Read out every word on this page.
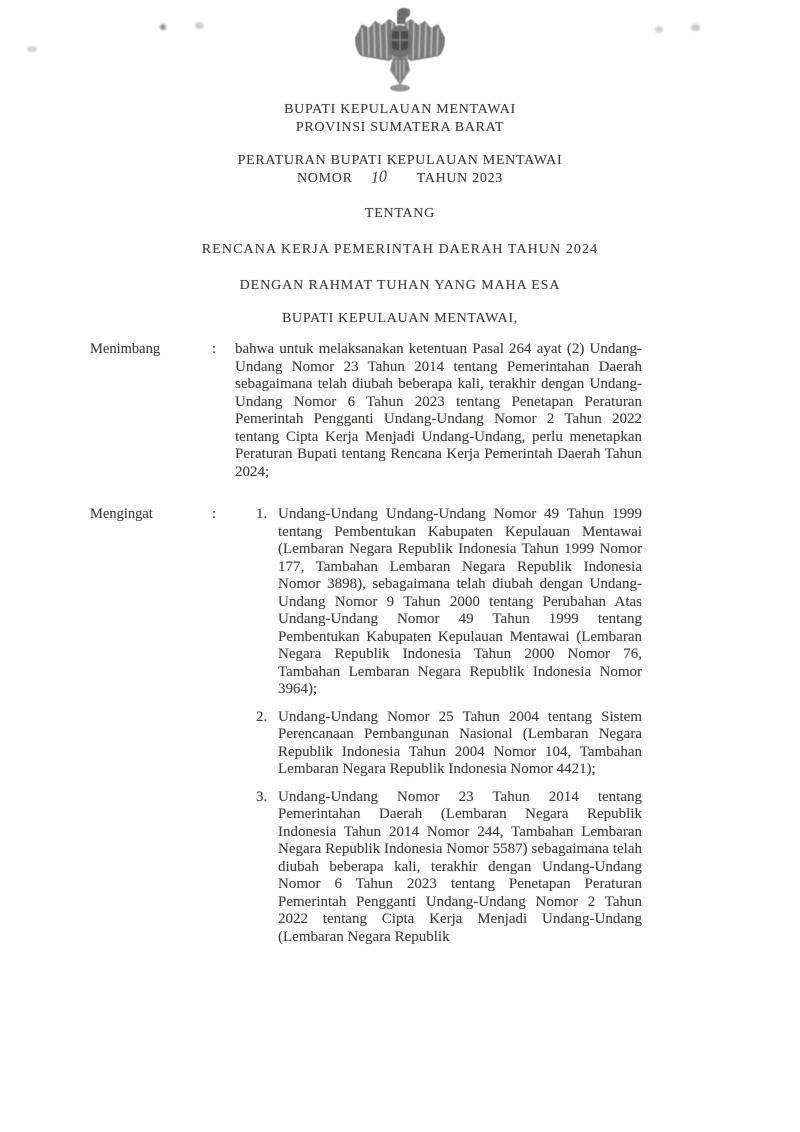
BUPATI KEPULAUAN MENTAWAI
PROVINSI SUMATERA BARAT
PERATURAN BUPATI KEPULAUAN MENTAWAI
NOMOR 10 TAHUN 2023
TENTANG
RENCANA KERJA PEMERINTAH DAERAH TAHUN 2024
DENGAN RAHMAT TUHAN YANG MAHA ESA
BUPATI KEPULAUAN MENTAWAI,
Menimbang	:	bahwa untuk melaksanakan ketentuan Pasal 264 ayat (2) Undang-Undang Nomor 23 Tahun 2014 tentang Pemerintahan Daerah sebagaimana telah diubah beberapa kali, terakhir dengan Undang-Undang Nomor 6 Tahun 2023 tentang Penetapan Peraturan Pemerintah Pengganti Undang-Undang Nomor 2 Tahun 2022 tentang Cipta Kerja Menjadi Undang-Undang, perlu menetapkan Peraturan Bupati tentang Rencana Kerja Pemerintah Daerah Tahun 2024;
Mengingat	:	1. Undang-Undang Undang-Undang Nomor 49 Tahun 1999 tentang Pembentukan Kabupaten Kepulauan Mentawai (Lembaran Negara Republik Indonesia Tahun 1999 Nomor 177, Tambahan Lembaran Negara Republik Indonesia Nomor 3898), sebagaimana telah diubah dengan Undang-Undang Nomor 9 Tahun 2000 tentang Perubahan Atas Undang-Undang Nomor 49 Tahun 1999 tentang Pembentukan Kabupaten Kepulauan Mentawai (Lembaran Negara Republik Indonesia Tahun 2000 Nomor 76, Tambahan Lembaran Negara Republik Indonesia Nomor 3964);
2. Undang-Undang Nomor 25 Tahun 2004 tentang Sistem Perencanaan Pembangunan Nasional (Lembaran Negara Republik Indonesia Tahun 2004 Nomor 104, Tambahan Lembaran Negara Republik Indonesia Nomor 4421);
3. Undang-Undang Nomor 23 Tahun 2014 tentang Pemerintahan Daerah (Lembaran Negara Republik Indonesia Tahun 2014 Nomor 244, Tambahan Lembaran Negara Republik Indonesia Nomor 5587) sebagaimana telah diubah beberapa kali, terakhir dengan Undang-Undang Nomor 6 Tahun 2023 tentang Penetapan Peraturan Pemerintah Pengganti Undang-Undang Nomor 2 Tahun 2022 tentang Cipta Kerja Menjadi Undang-Undang (Lembaran Negara Republik
